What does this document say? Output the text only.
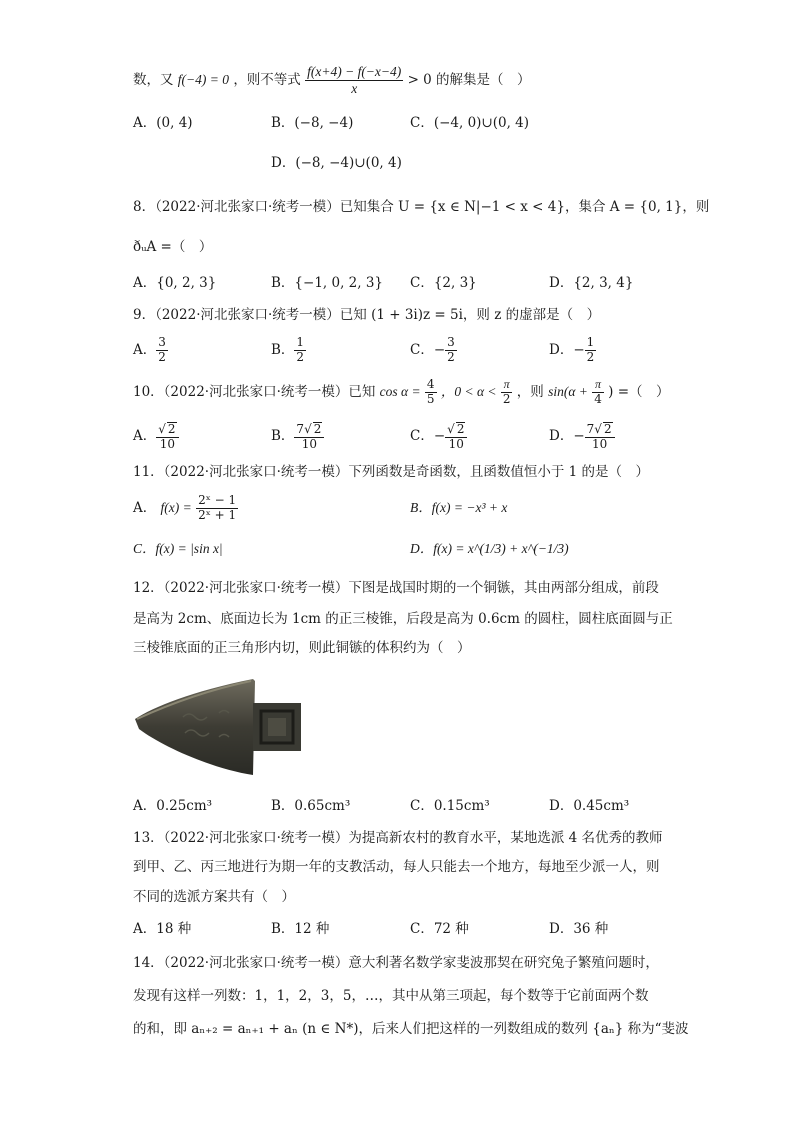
数，又 f(−4) = 0 ，则不等式 $\frac{f(x+4) - f(-x-4)}{x} > 0$ 的解集是（　）
A．(0, 4)	B．(−8, −4)	C．(−4, 0)∪(0, 4)
D．(−8, −4)∪(0, 4)
8．（2022·河北张家口·统考一模）已知集合 U = {x ∈ N|−1 < x < 4}，集合 A = {0, 1}，则
ðᵤA =（　）
A．{0, 2, 3}	B．{−1, 0, 2, 3} C．{2, 3}	D．{2, 3, 4}
9．（2022·河北张家口·统考一模）已知 (1 + 3i)z = 5i，则 z 的虚部是（　）
A． $\frac{3}{2}$	B． $\frac{1}{2}$	C．− $\frac{3}{2}$	D．− $\frac{1}{2}$
10．（2022·河北张家口·统考一模）已知 $\cos \alpha = \frac{4}{5}$ ，$0 < \alpha < \frac{\pi}{2}$ ，则 $\sin(\alpha + \frac{\pi}{4}$ ) =（　）
A． $\frac{√ 2}{10}$	B． $\frac{7√ 2}{10}$	C．− $\frac{√ 2}{10}$	D．− $\frac{7√ 2}{10}$
11．（2022·河北张家口·统考一模）下列函数是奇函数，且函数值恒小于 1 的是（　）
A． $f(x) = \frac{\text{2ˣ − 1}}{\text{2ˣ + 1}}$	B．f(x) = −x³ + x
C．f(x) = |sin x|	D．f(x) = x^(1/3) + x^(−1/3)
12．（2022·河北张家口·统考一模）下图是战国时期的一个铜镞，其由两部分组成，前段
是高为 2cm、底面边长为 1cm 的正三棱锥，后段是高为 0.6cm 的圆柱，圆柱底面圆与正
三棱锥底面的正三角形内切，则此铜镞的体积约为（　）
A．0.25cm³	B．0.65cm³	C．0.15cm³	D．0.45cm³
13．（2022·河北张家口·统考一模）为提高新农村的教育水平，某地选派 4 名优秀的教师
到甲、乙、丙三地进行为期一年的支教活动，每人只能去一个地方，每地至少派一人，则
不同的选派方案共有（　）
A．18 种	B．12 种	C．72 种	D．36 种
14．（2022·河北张家口·统考一模）意大利著名数学家斐波那契在研究兔子繁殖问题时，
发现有这样一列数：1，1，2，3，5，…，其中从第三项起，每个数等于它前面两个数
的和，即 aₙ₊₂ = aₙ₊₁ + aₙ (n ∈ N*)，后来人们把这样的一列数组成的数列 {aₙ} 称为“斐波
